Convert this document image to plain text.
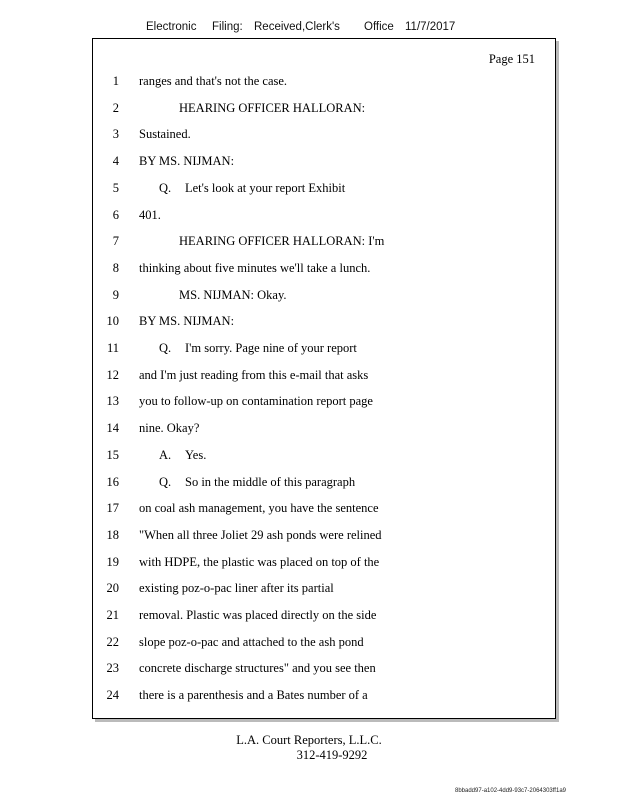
Electronic Filing: Received,Clerk's Office 11/7/2017
Page 151
1 ranges and that's not the case.
2	HEARING OFFICER HALLORAN:
3 Sustained.
4 BY MS. NIJMAN:
5	Q. Let's look at your report Exhibit
6 401.
7	HEARING OFFICER HALLORAN: I'm
8 thinking about five minutes we'll take a lunch.
9	MS. NIJMAN: Okay.
10 BY MS. NIJMAN:
11	Q. I'm sorry. Page nine of your report
12 and I'm just reading from this e-mail that asks
13 you to follow-up on contamination report page
14 nine. Okay?
15	A. Yes.
16	Q. So in the middle of this paragraph
17 on coal ash management, you have the sentence
18 "When all three Joliet 29 ash ponds were relined
19 with HDPE, the plastic was placed on top of the
20 existing poz-o-pac liner after its partial
21 removal. Plastic was placed directly on the side
22 slope poz-o-pac and attached to the ash pond
23 concrete discharge structures" and you see then
24 there is a parenthesis and a Bates number of a
L.A. Court Reporters, L.L.C.
312-419-9292
8bbadd97-a102-4dd9-93c7-2064303ff1a9
